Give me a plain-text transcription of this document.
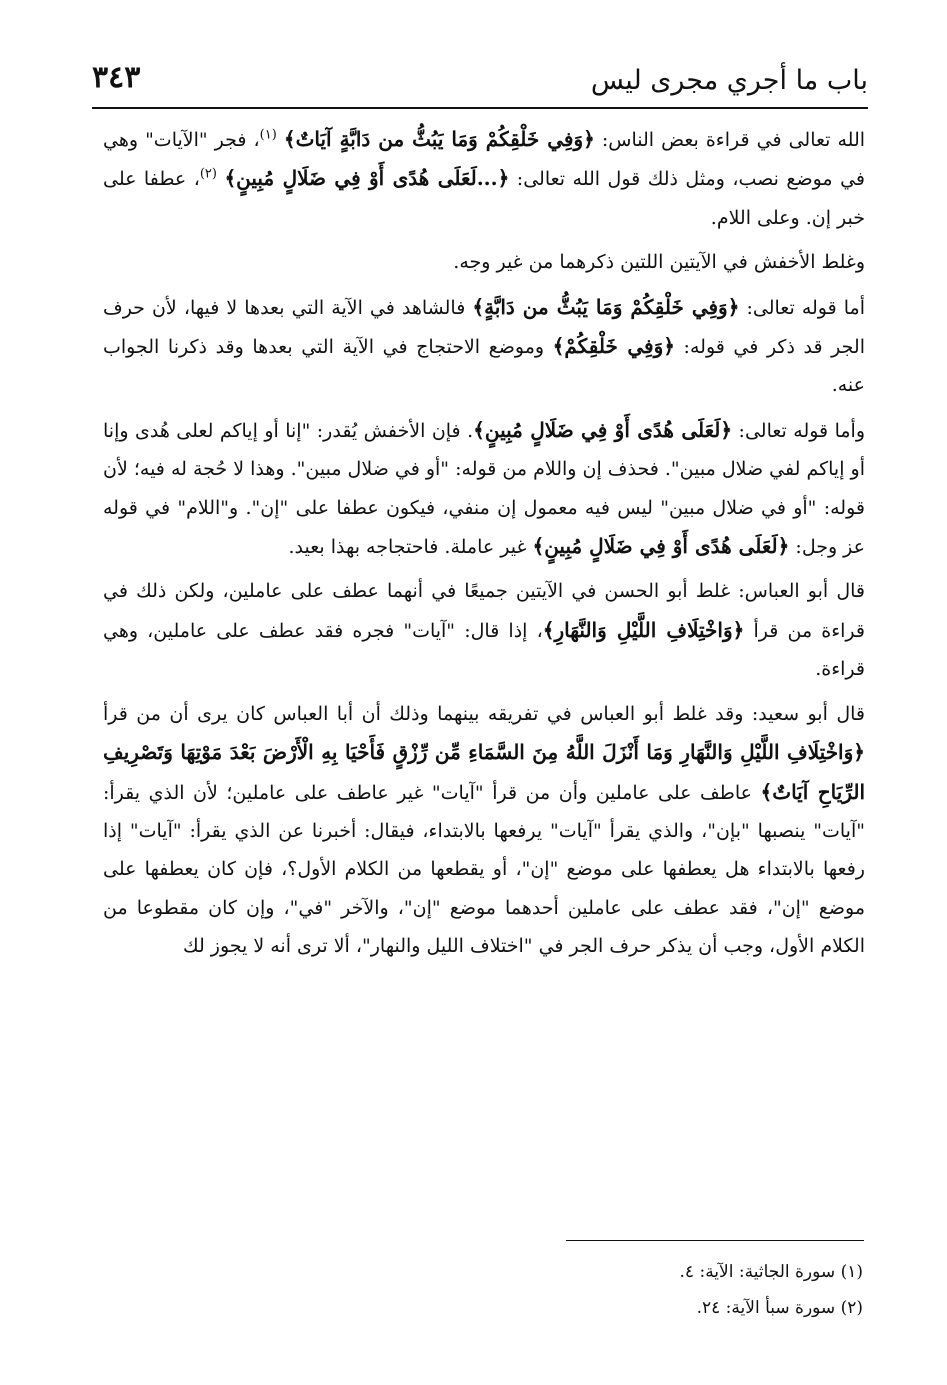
باب ما أجري مجرى ليس
٣٤٣

الله تعالى في قراءة بعض الناس: ﴿وَفِي خَلْقِكُمْ وَمَا يَبُثُّ من دَابَّةٍ آيَاتٌ﴾ $^{(١)}$، فجر "الآيات" وهي في موضع نصب، ومثل ذلك قول الله تعالى: ﴿...لَعَلَى هُدًى أَوْ فِي ضَلَالٍ مُبِينٍ﴾ $^{(٢)}$، عطفا على خبر إن. وعلى اللام.

وغلط الأخفش في الآيتين اللتين ذكرهما من غير وجه.

أما قوله تعالى: ﴿وَفِي خَلْقِكُمْ وَمَا يَبُثُّ من دَابَّةٍ﴾ فالشاهد في الآية التي بعدها لا فيها، لأن حرف الجر قد ذكر في قوله: ﴿وَفِي خَلْقِكُمْ﴾ وموضع الاحتجاج في الآية التي بعدها وقد ذكرنا الجواب عنه.

وأما قوله تعالى: ﴿لَعَلَى هُدًى أَوْ فِي ضَلَالٍ مُبِينٍ﴾. فإن الأخفش يُقدر: "إنا أو إياكم لعلى هُدى وإنا أو إياكم لفي ضلال مبين". فحذف إن واللام من قوله: "أو في ضلال مبين". وهذا لا حُجة له فيه؛ لأن قوله: "أو في ضلال مبين" ليس فيه معمول إن منفي، فيكون عطفا على "إن". و"اللام" في قوله عز وجل: ﴿لَعَلَى هُدًى أَوْ فِي ضَلَالٍ مُبِينٍ﴾ غير عاملة. فاحتجاجه بهذا بعيد.

قال أبو العباس: غلط أبو الحسن في الآيتين جميعًا في أنهما عطف على عاملين، ولكن ذلك في قراءة من قرأ ﴿وَاخْتِلَافِ اللَّيْلِ وَالنَّهَارِ﴾، إذا قال: "آيات" فجره فقد عطف على عاملين، وهي قراءة.

قال أبو سعيد: وقد غلط أبو العباس في تفريقه بينهما وذلك أن أبا العباس كان يرى أن من قرأ ﴿وَاخْتِلَافِ اللَّيْلِ وَالنَّهَارِ وَمَا أَنْزَلَ اللَّهُ مِنَ السَّمَاءِ مِّن رِّزْقٍ فَأَحْيَا بِهِ الْأَرْضَ بَعْدَ مَوْتِهَا وَتَصْرِيفِ الرِّيَاحِ آيَاتٌ﴾ عاطف على عاملين وأن من قرأ "آيات" غير عاطف على عاملين؛ لأن الذي يقرأ: "آيات" ينصبها "بإن"، والذي يقرأ "آيات" يرفعها بالابتداء، فيقال: أخبرنا عن الذي يقرأ: "آيات" إذا رفعها بالابتداء هل يعطفها على موضع "إن"، أو يقطعها من الكلام الأول؟، فإن كان يعطفها على موضع "إن"، فقد عطف على عاملين أحدهما موضع "إن"، والآخر "في"، وإن كان مقطوعا من الكلام الأول، وجب أن يذكر حرف الجر في "اختلاف الليل والنهار"، ألا ترى أنه لا يجوز لك

(١) سورة الجاثية: الآية: ٤.
(٢) سورة سبأ الآية: ٢٤.
